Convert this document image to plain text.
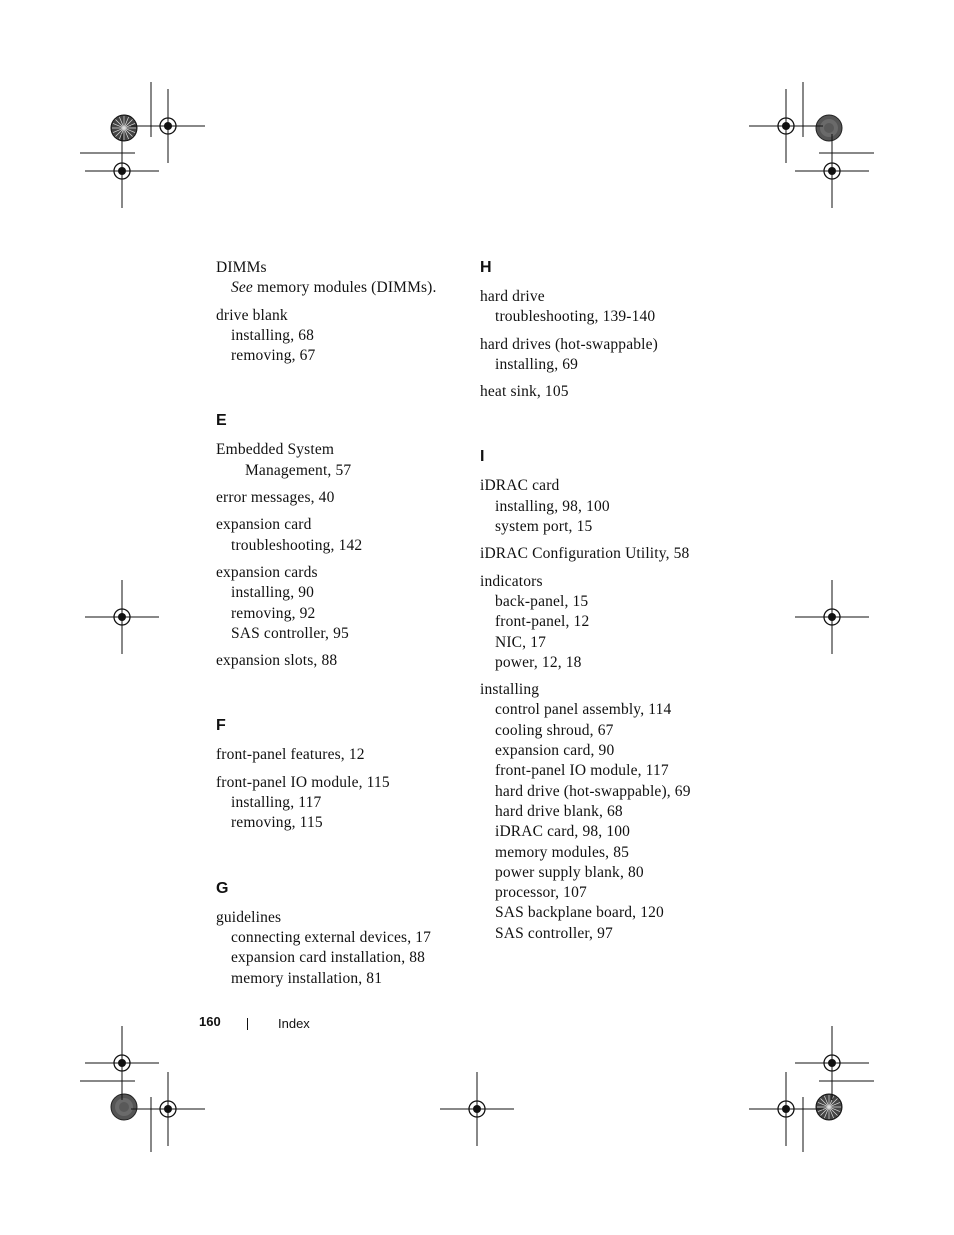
DIMMs
See memory modules (DIMMs).
drive blank
installing, 68
removing, 67
E
Embedded System
Management, 57
error messages, 40
expansion card
troubleshooting, 142
expansion cards
installing, 90
removing, 92
SAS controller, 95
expansion slots, 88
F
front-panel features, 12
front-panel IO module, 115
installing, 117
removing, 115
G
guidelines
connecting external devices, 17
expansion card installation, 88
memory installation, 81
H
hard drive
troubleshooting, 139-140
hard drives (hot-swappable)
installing, 69
heat sink, 105
I
iDRAC card
installing, 98, 100
system port, 15
iDRAC Configuration Utility, 58
indicators
back-panel, 15
front-panel, 12
NIC, 17
power, 12, 18
installing
control panel assembly, 114
cooling shroud, 67
expansion card, 90
front-panel IO module, 117
hard drive (hot-swappable), 69
hard drive blank, 68
iDRAC card, 98, 100
memory modules, 85
power supply blank, 80
processor, 107
SAS backplane board, 120
SAS controller, 97
160	Index
